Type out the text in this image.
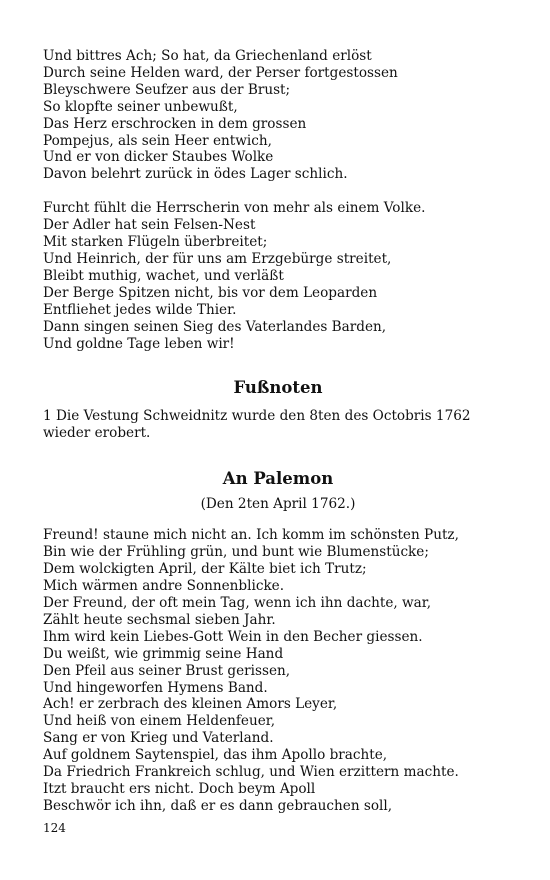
Und bittres Ach; So hat, da Griechenland erlöst
Durch seine Helden ward, der Perser fortgestossen
Bleyschwere Seufzer aus der Brust;
So klopfte seiner unbewußt,
Das Herz erschrocken in dem grossen
Pompejus, als sein Heer entwich,
Und er von dicker Staubes Wolke
Davon belehrt zurück in ödes Lager schlich.
Furcht fühlt die Herrscherin von mehr als einem Volke.
Der Adler hat sein Felsen-Nest
Mit starken Flügeln überbreitet;
Und Heinrich, der für uns am Erzgebürge streitet,
Bleibt muthig, wachet, und verläßt
Der Berge Spitzen nicht, bis vor dem Leoparden
Entfliehet jedes wilde Thier.
Dann singen seinen Sieg des Vaterlandes Barden,
Und goldne Tage leben wir!
Fußnoten

1 Die Vestung Schweidnitz wurde den 8ten des Octobris 1762 wieder erobert.

An Palemon

(Den 2ten April 1762.)

Freund! staune mich nicht an. Ich komm im schönsten Putz,
Bin wie der Frühling grün, und bunt wie Blumenstücke;
Dem wolckigten April, der Kälte biet ich Trutz;
Mich wärmen andre Sonnenblicke.
Der Freund, der oft mein Tag, wenn ich ihn dachte, war,
Zählt heute sechsmal sieben Jahr.
Ihm wird kein Liebes-Gott Wein in den Becher giessen.
Du weißt, wie grimmig seine Hand
Den Pfeil aus seiner Brust gerissen,
Und hingeworfen Hymens Band.
Ach! er zerbrach des kleinen Amors Leyer,
Und heiß von einem Heldenfeuer,
Sang er von Krieg und Vaterland.
Auf goldnem Saytenspiel, das ihm Apollo brachte,
Da Friedrich Frankreich schlug, und Wien erzittern machte.
Itzt braucht ers nicht. Doch beym Apoll
Beschwör ich ihn, daß er es dann gebrauchen soll,
124
